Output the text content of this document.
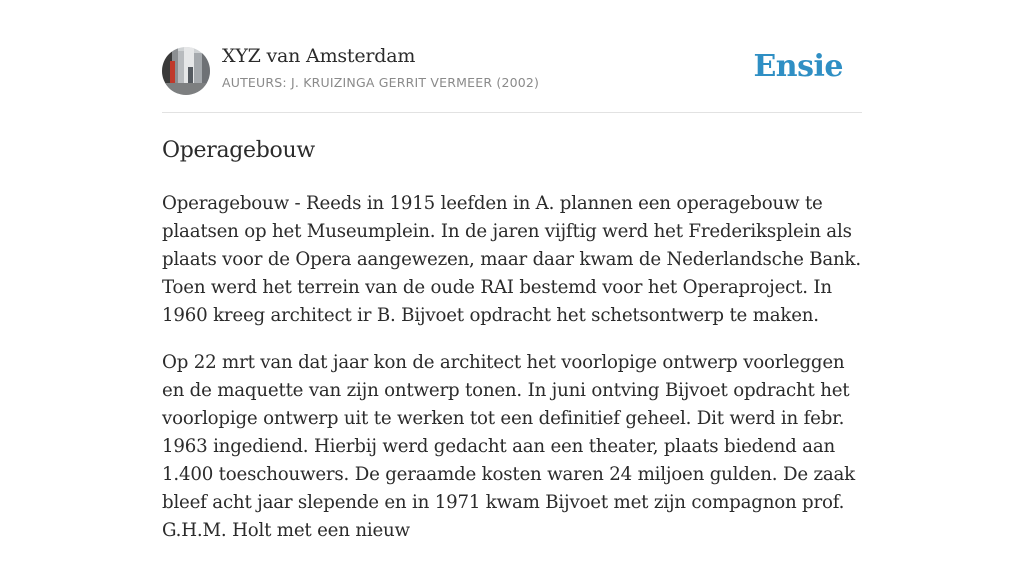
XYZ van Amsterdam
AUTEURS: J. KRUIZINGA GERRIT VERMEER (2002)	Ensie
Operagebouw

Operagebouw - Reeds in 1915 leefden in A. plannen een operagebouw te plaatsen op het Museumplein. In de jaren vijftig werd het Frederiksplein als plaats voor de Opera aangewezen, maar daar kwam de Nederlandsche Bank. Toen werd het terrein van de oude RAI bestemd voor het Operaproject. In 1960 kreeg architect ir B. Bijvoet opdracht het schetsontwerp te maken.

Op 22 mrt van dat jaar kon de architect het voorlopige ontwerp voorleggen en de maquette van zijn ontwerp tonen. In juni ontving Bijvoet opdracht het voorlopige ontwerp uit te werken tot een definitief geheel. Dit werd in febr. 1963 ingediend. Hierbij werd gedacht aan een theater, plaats biedend aan 1.400 toeschouwers. De geraamde kosten waren 24 miljoen gulden. De zaak bleef acht jaar slepende en in 1971 kwam Bijvoet met zijn compagnon prof. G.H.M. Holt met een nieuw
